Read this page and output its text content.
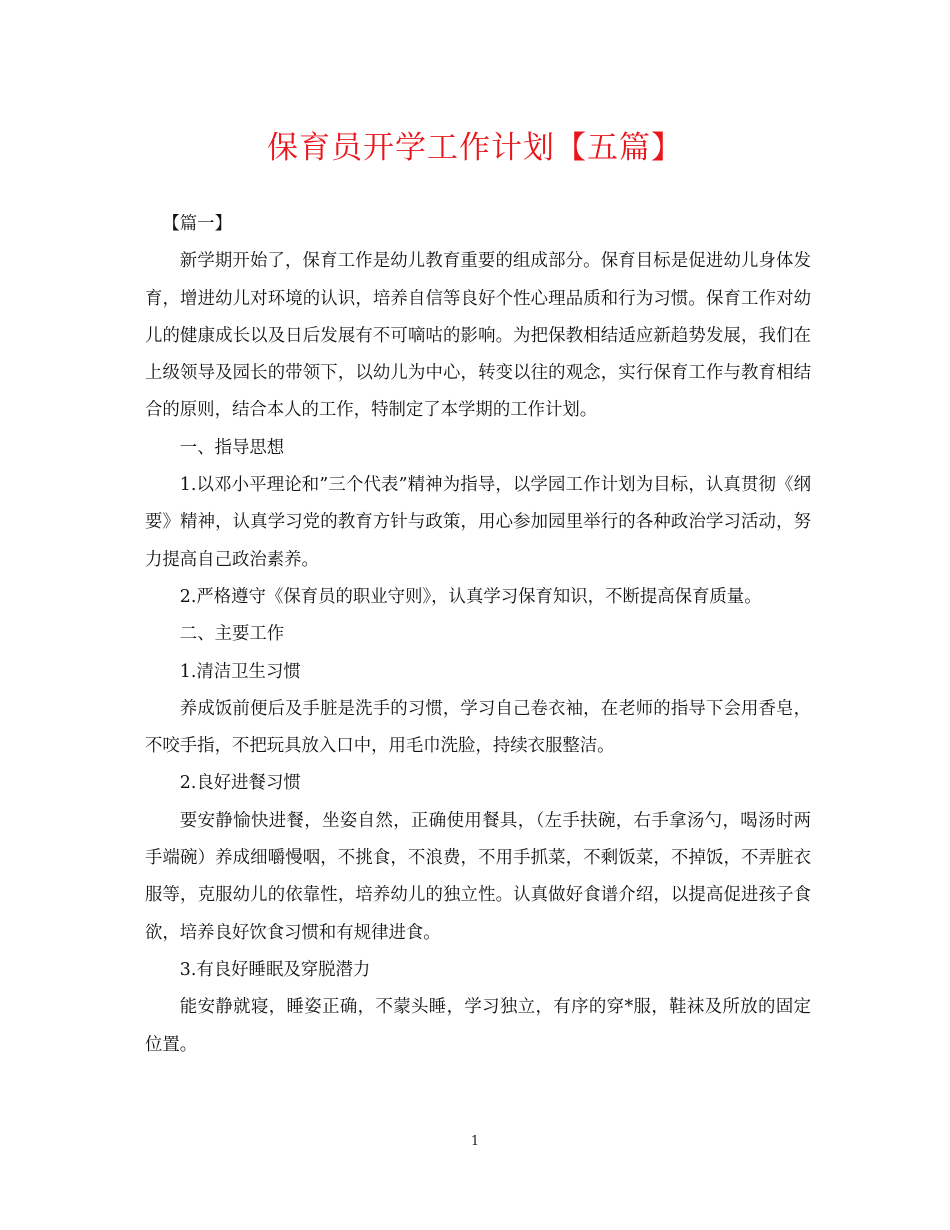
保育员开学工作计划【五篇】

【篇一】

新学期开始了，保育工作是幼儿教育重要的组成部分。保育目标是促进幼儿身体发育，增进幼儿对环境的认识，培养自信等良好个性心理品质和行为习惯。保育工作对幼儿的健康成长以及日后发展有不可嘀咕的影响。为把保教相结适应新趋势发展，我们在上级领导及园长的带领下，以幼儿为中心，转变以往的观念，实行保育工作与教育相结合的原则，结合本人的工作，特制定了本学期的工作计划。

一、指导思想

1.以邓小平理论和”三个代表”精神为指导，以学园工作计划为目标，认真贯彻《纲要》精神，认真学习党的教育方针与政策，用心参加园里举行的各种政治学习活动，努力提高自己政治素养。

2.严格遵守《保育员的职业守则》，认真学习保育知识，不断提高保育质量。

二、主要工作

1.清洁卫生习惯

养成饭前便后及手脏是洗手的习惯，学习自己卷衣袖，在老师的指导下会用香皂，不咬手指，不把玩具放入口中，用毛巾洗脸，持续衣服整洁。

2.良好进餐习惯

要安静愉快进餐，坐姿自然，正确使用餐具，（左手扶碗，右手拿汤勺，喝汤时两手端碗）养成细嚼慢咽，不挑食，不浪费，不用手抓菜，不剩饭菜，不掉饭，不弄脏衣服等，克服幼儿的依靠性，培养幼儿的独立性。认真做好食谱介绍，以提高促进孩子食欲，培养良好饮食习惯和有规律进食。

3.有良好睡眠及穿脱潜力

能安静就寝，睡姿正确，不蒙头睡，学习独立，有序的穿*服，鞋袜及所放的固定位置。

1
